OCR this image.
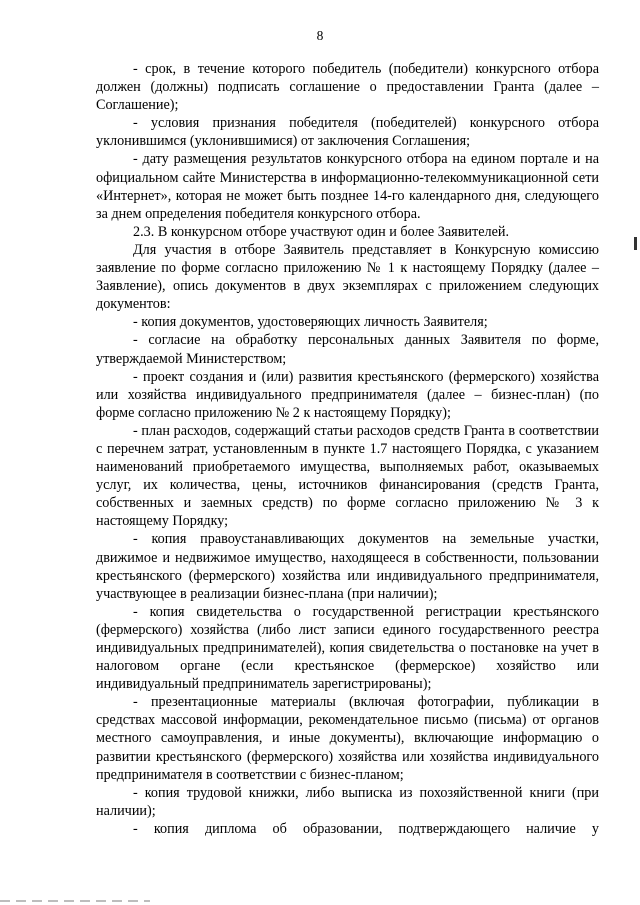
8

- срок, в течение которого победитель (победители) конкурсного отбора должен (должны) подписать соглашение о предоставлении Гранта (далее – Соглашение);

- условия признания победителя (победителей) конкурсного отбора уклонившимся (уклонившимися) от заключения Соглашения;

- дату размещения результатов конкурсного отбора на едином портале и на официальном сайте Министерства в информационно-телекоммуникационной сети «Интернет», которая не может быть позднее 14-го календарного дня, следующего за днем определения победителя конкурсного отбора.

2.3. В конкурсном отборе участвуют один и более Заявителей.

Для участия в отборе Заявитель представляет в Конкурсную комиссию заявление по форме согласно приложению № 1 к настоящему Порядку (далее – Заявление), опись документов в двух экземплярах с приложением следующих документов:

- копия документов, удостоверяющих личность Заявителя;

- согласие на обработку персональных данных Заявителя по форме, утверждаемой Министерством;

- проект создания и (или) развития крестьянского (фермерского) хозяйства или хозяйства индивидуального предпринимателя (далее – бизнес-план) (по форме согласно приложению № 2 к настоящему Порядку);

- план расходов, содержащий статьи расходов средств Гранта в соответствии с перечнем затрат, установленным в пункте 1.7 настоящего Порядка, с указанием наименований приобретаемого имущества, выполняемых работ, оказываемых услуг, их количества, цены, источников финансирования (средств Гранта, собственных и заемных средств) по форме согласно приложению № 3 к настоящему Порядку;

- копия правоустанавливающих документов на земельные участки, движимое и недвижимое имущество, находящееся в собственности, пользовании крестьянского (фермерского) хозяйства или индивидуального предпринимателя, участвующее в реализации бизнес-плана (при наличии);

- копия свидетельства о государственной регистрации крестьянского (фермерского) хозяйства (либо лист записи единого государственного реестра индивидуальных предпринимателей), копия свидетельства о постановке на учет в налоговом органе (если крестьянское (фермерское) хозяйство или индивидуальный предприниматель зарегистрированы);

- презентационные материалы (включая фотографии, публикации в средствах массовой информации, рекомендательное письмо (письма) от органов местного самоуправления, и иные документы), включающие информацию о развитии крестьянского (фермерского) хозяйства или хозяйства индивидуального предпринимателя в соответствии с бизнес-планом;

- копия трудовой книжки, либо выписка из похозяйственной книги (при наличии);

- копия диплома об образовании, подтверждающего наличие у
